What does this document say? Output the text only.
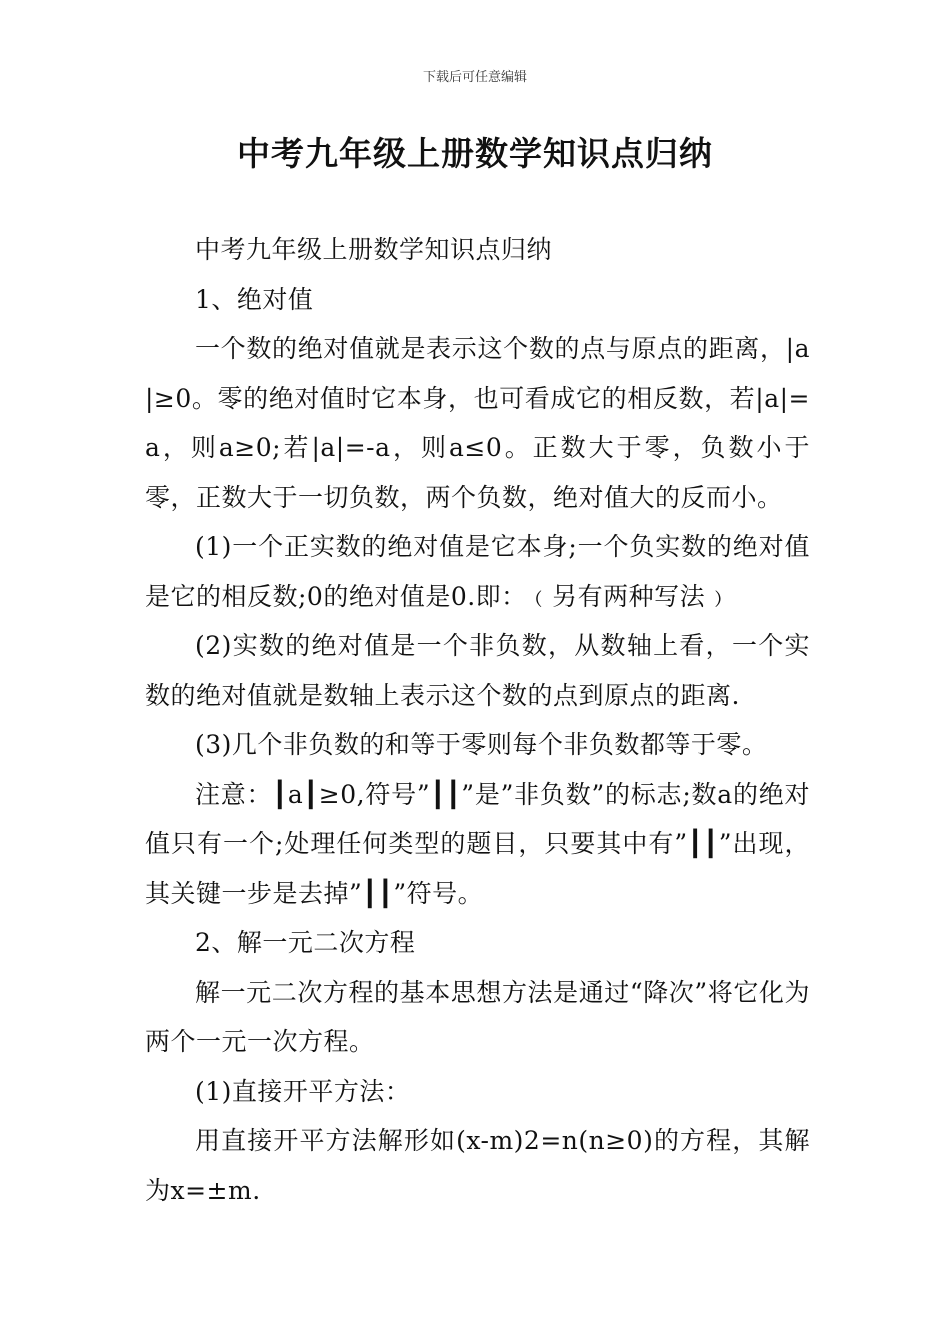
下载后可任意编辑
中考九年级上册数学知识点归纳

中考九年级上册数学知识点归纳

1、绝对值

一个数的绝对值就是表示这个数的点与原点的距离，|a|≥0。零的绝对值时它本身，也可看成它的相反数，若|a|=a，则a≥0;若|a|=-a，则a≤0。正数大于零，负数小于零，正数大于一切负数，两个负数，绝对值大的反而小。

(1)一个正实数的绝对值是它本身;一个负实数的绝对值是它的相反数;0的绝对值是0.即：﹙另有两种写法﹚

(2)实数的绝对值是一个非负数，从数轴上看，一个实数的绝对值就是数轴上表示这个数的点到原点的距离.

(3)几个非负数的和等于零则每个非负数都等于零。

注意：┃a┃≥0,符号”┃┃”是”非负数”的标志;数a的绝对值只有一个;处理任何类型的题目，只要其中有”┃┃”出现，其关键一步是去掉”┃┃”符号。

2、解一元二次方程

解一元二次方程的基本思想方法是通过“降次”将它化为两个一元一次方程。

(1)直接开平方法：

用直接开平方法解形如(x-m)2=n(n≥0)的方程，其解为x=±m.
